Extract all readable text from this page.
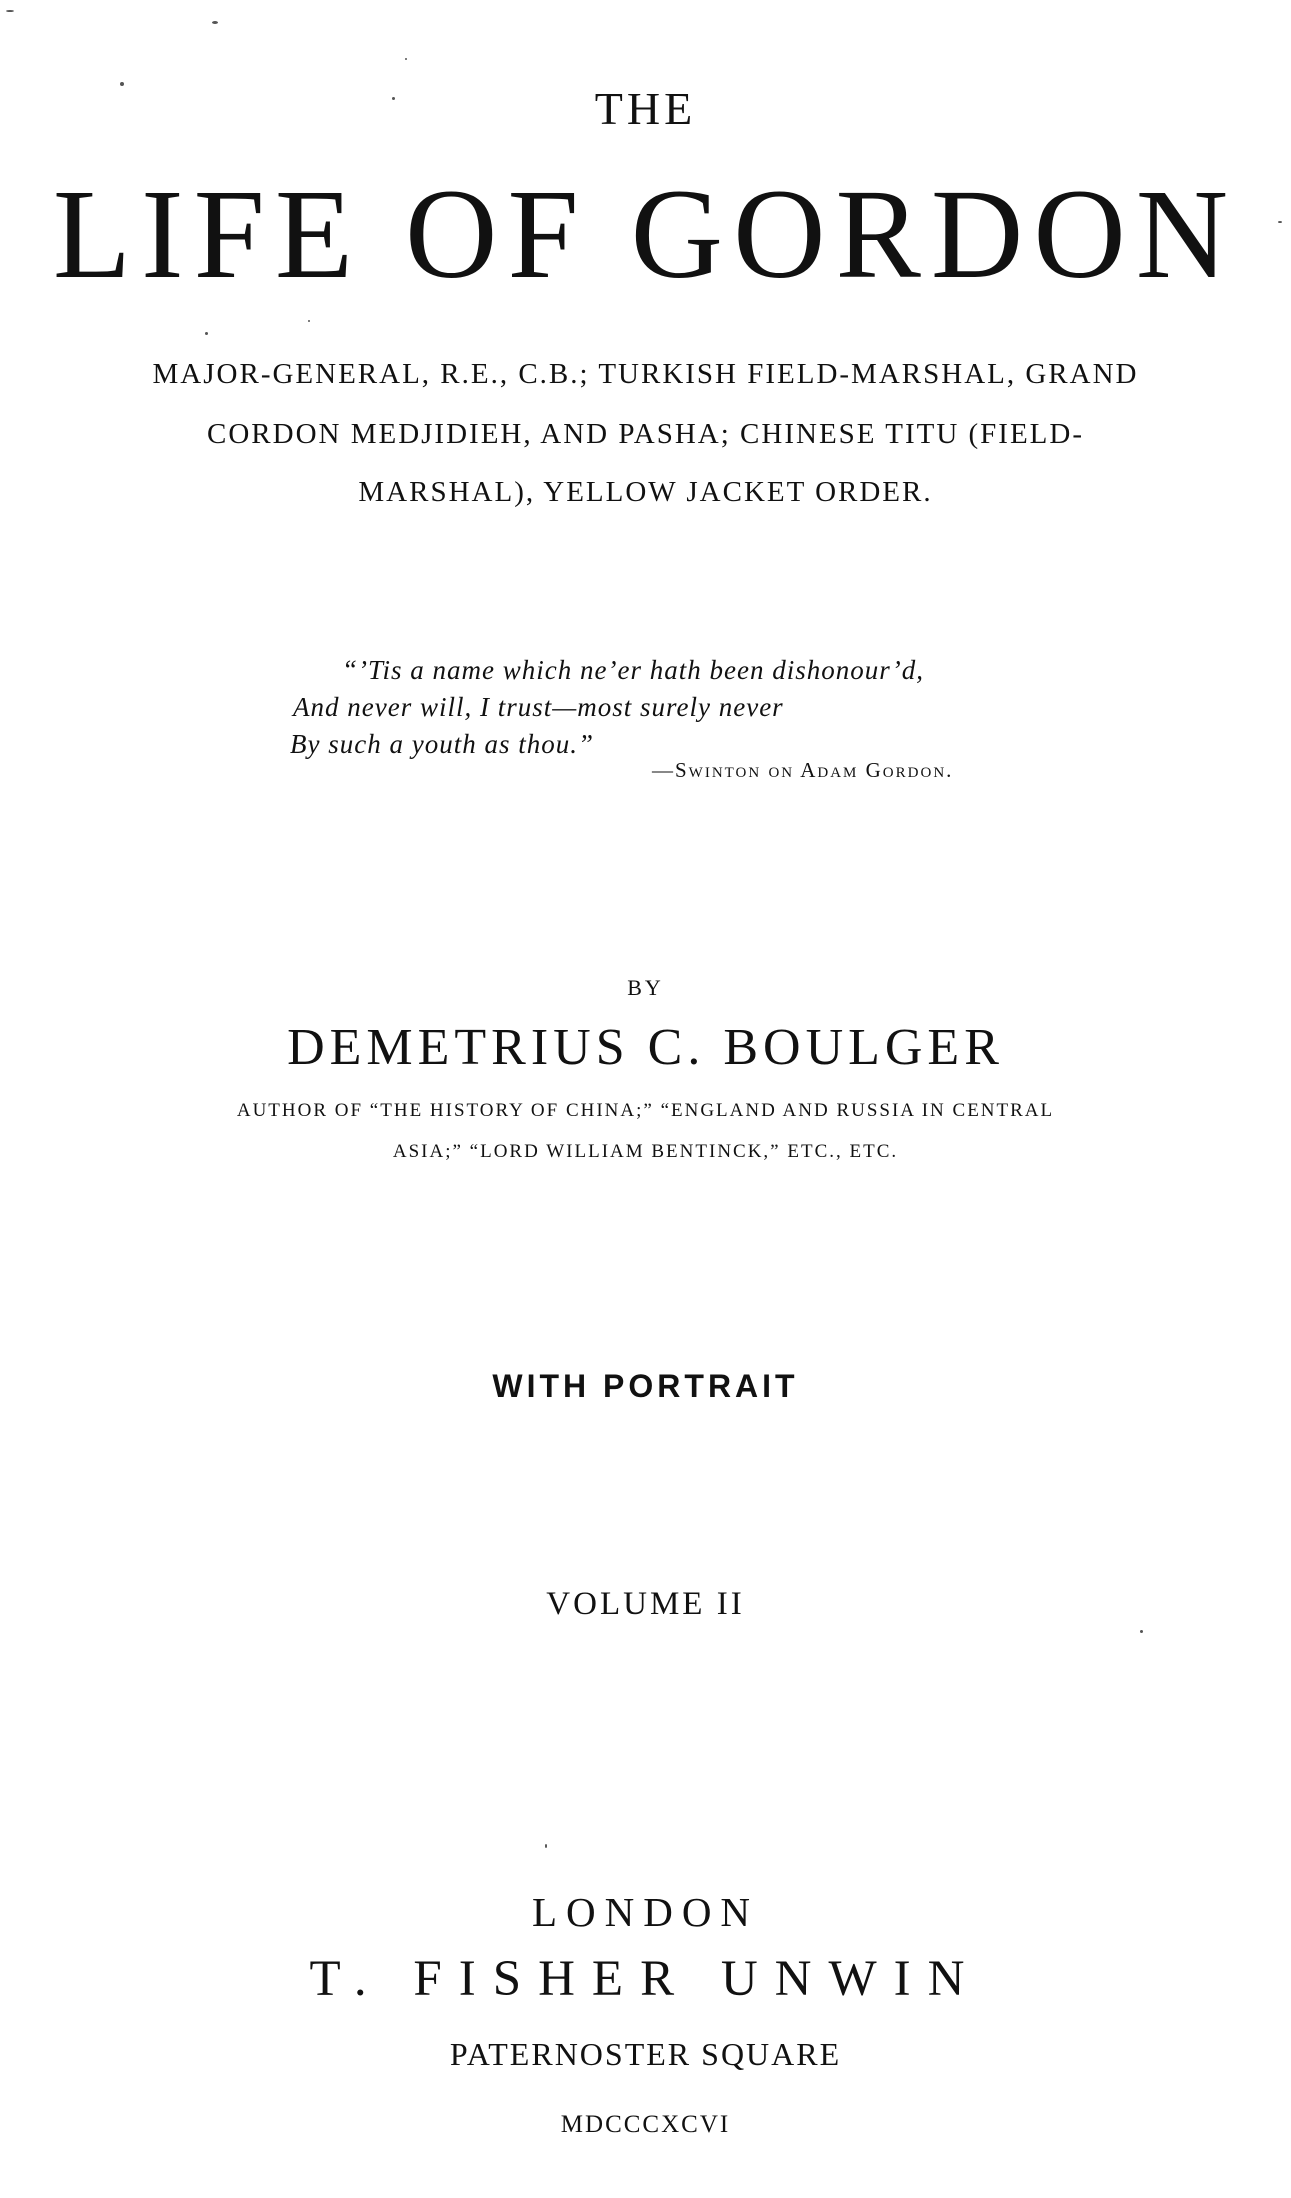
THE
LIFE OF GORDON
MAJOR-GENERAL, R.E., C.B.; TURKISH FIELD-MARSHAL, GRAND
CORDON MEDJIDIEH, AND PASHA; CHINESE TITU (FIELD-
MARSHAL), YELLOW JACKET ORDER.
“’Tis a name which ne’er hath been dishonour’d,
And never will, I trust—most surely never
By such a youth as thou.”
—Swinton on Adam Gordon.
BY
DEMETRIUS C. BOULGER
AUTHOR OF “THE HISTORY OF CHINA;” “ENGLAND AND RUSSIA IN CENTRAL
ASIA;” “LORD WILLIAM BENTINCK,” ETC., ETC.
WITH PORTRAIT
VOLUME II
LONDON
T. FISHER UNWIN
PATERNOSTER SQUARE
MDCCCXCVI
